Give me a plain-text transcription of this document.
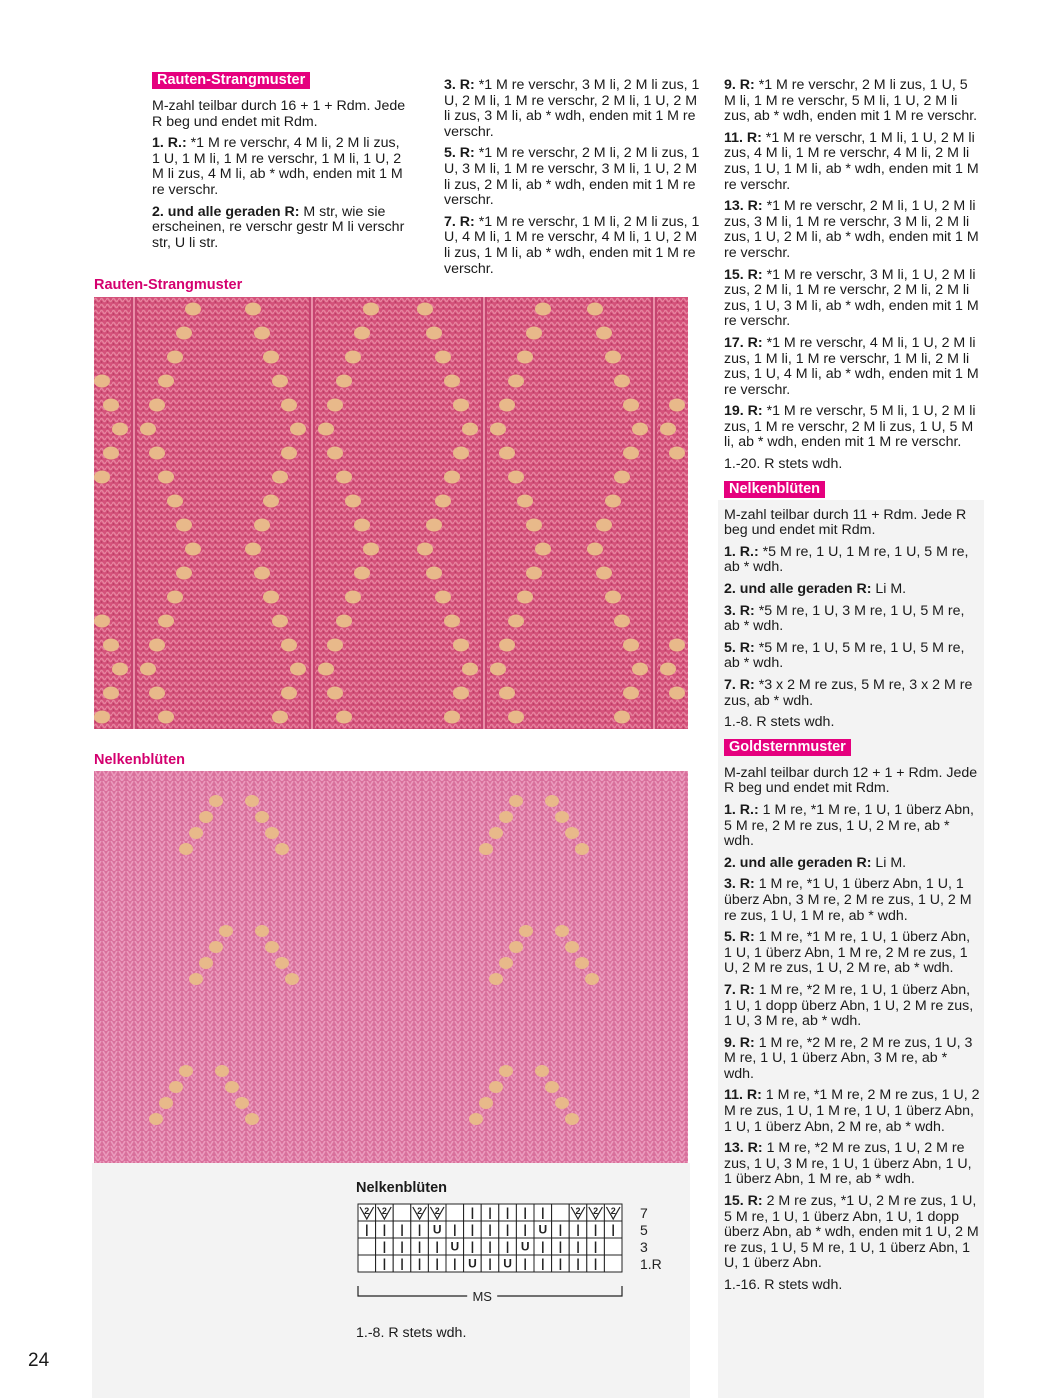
Rauten-Strangmuster

M-zahl teilbar durch 16 + 1 + Rdm. Jede R beg und endet mit Rdm.

1. R.: *1 M re verschr, 4 M li, 2 M li zus, 1 U, 1 M li, 1 M re verschr, 1 M li, 1 U, 2 M li zus, 4 M li, ab * wdh, enden mit 1 M re verschr.

2. und alle geraden R: M str, wie sie erscheinen, re verschr gestr M li verschr str, U li str.

3. R: *1 M re verschr, 3 M li, 2 M li zus, 1 U, 2 M li, 1 M re verschr, 2 M li, 1 U, 2 M li zus, 3 M li, ab * wdh, enden mit 1 M re verschr.

5. R: *1 M re verschr, 2 M li, 2 M li zus, 1 U, 3 M li, 1 M re verschr, 3 M li, 1 U, 2 M li zus, 2 M li, ab * wdh, enden mit 1 M re verschr.

7. R: *1 M re verschr, 1 M li, 2 M li zus, 1 U, 4 M li, 1 M re verschr, 4 M li, 1 U, 2 M li zus, 1 M li, ab * wdh, enden mit 1 M re verschr.

9. R: *1 M re verschr, 2 M li zus, 1 U, 5 M li, 1 M re verschr, 5 M li, 1 U, 2 M li zus, ab * wdh, enden mit 1 M re verschr.

11. R: *1 M re verschr, 1 M li, 1 U, 2 M li zus, 4 M li, 1 M re verschr, 4 M li, 2 M li zus, 1 U, 1 M li, ab * wdh, enden mit 1 M re verschr.

13. R: *1 M re verschr, 2 M li, 1 U, 2 M li zus, 3 M li, 1 M re verschr, 3 M li, 2 M li zus, 1 U, 2 M li, ab * wdh, enden mit 1 M re verschr.

15. R: *1 M re verschr, 3 M li, 1 U, 2 M li zus, 2 M li, 1 M re verschr, 2 M li, 2 M li zus, 1 U, 3 M li, ab * wdh, enden mit 1 M re verschr.

17. R: *1 M re verschr, 4 M li, 1 U, 2 M li zus, 1 M li, 1 M re verschr, 1 M li, 2 M li zus, 1 U, 4 M li, ab * wdh, enden mit 1 M re verschr.

19. R: *1 M re verschr, 5 M li, 1 U, 2 M li zus, 1 M re verschr, 2 M li zus, 1 U, 5 M li, ab * wdh, enden mit 1 M re verschr.

1.-20. R stets wdh.

Nelkenblüten

M-zahl teilbar durch 11 + Rdm. Jede R beg und endet mit Rdm.

1. R.: *5 M re, 1 U, 1 M re, 1 U, 5 M re, ab * wdh.

2. und alle geraden R: Li M.

3. R: *5 M re, 1 U, 3 M re, 1 U, 5 M re, ab * wdh.

5. R: *5 M re, 1 U, 5 M re, 1 U, 5 M re, ab * wdh.

7. R: *3 x 2 M re zus, 5 M re, 3 x 2 M re zus, ab * wdh.

1.-8. R stets wdh.

Goldsternmuster

M-zahl teilbar durch 12 + 1 + Rdm. Jede R beg und endet mit Rdm.

1. R.: 1 M re, *1 M re, 1 U, 1 überz Abn, 5 M re, 2 M re zus, 1 U, 2 M re, ab * wdh.

2. und alle geraden R: Li M.

3. R: 1 M re, *1 U, 1 überz Abn, 1 U, 1 überz Abn, 3 M re, 2 M re zus, 1 U, 2 M re zus, 1 U, 1 M re, ab * wdh.

5. R: 1 M re, *1 M re, 1 U, 1 überz Abn, 1 U, 1 überz Abn, 1 M re, 2 M re zus, 1 U, 2 M re zus, 1 U, 2 M re, ab * wdh.

7. R: 1 M re, *2 M re, 1 U, 1 überz Abn, 1 U, 1 dopp überz Abn, 1 U, 2 M re zus, 1 U, 3 M re, ab * wdh.

9. R: 1 M re, *2 M re, 2 M re zus, 1 U, 3 M re, 1 U, 1 überz Abn, 3 M re, ab * wdh.

11. R: 1 M re, *1 M re, 2 M re zus, 1 U, 2 M re zus, 1 U, 1 M re, 1 U, 1 überz Abn, 1 U, 1 überz Abn, 2 M re, ab * wdh.

13. R: 1 M re, *2 M re zus, 1 U, 2 M re zus, 1 U, 3 M re, 1 U, 1 überz Abn, 1 U, 1 überz Abn, 1 M re, ab * wdh.

15. R: 2 M re zus, *1 U, 2 M re zus, 1 U, 5 M re, 1 U, 1 überz Abn, 1 U, 1 dopp überz Abn, ab * wdh, enden mit 1 U, 2 M re zus, 1 U, 5 M re, 1 U, 1 überz Abn, 1 U, 1 überz Abn.

1.-16. R stets wdh.

Rauten-Strangmuster
Nelkenblüten
Nelkenblüten
2 2	2 2	| | | | |	2 2 2
| | | | U | | | | | U | | | |
| | | | U | | | U | | | |
| | | | | U | U | | | | |
7
5
3
1.R
MS
1.-8. R stets wdh.
24
